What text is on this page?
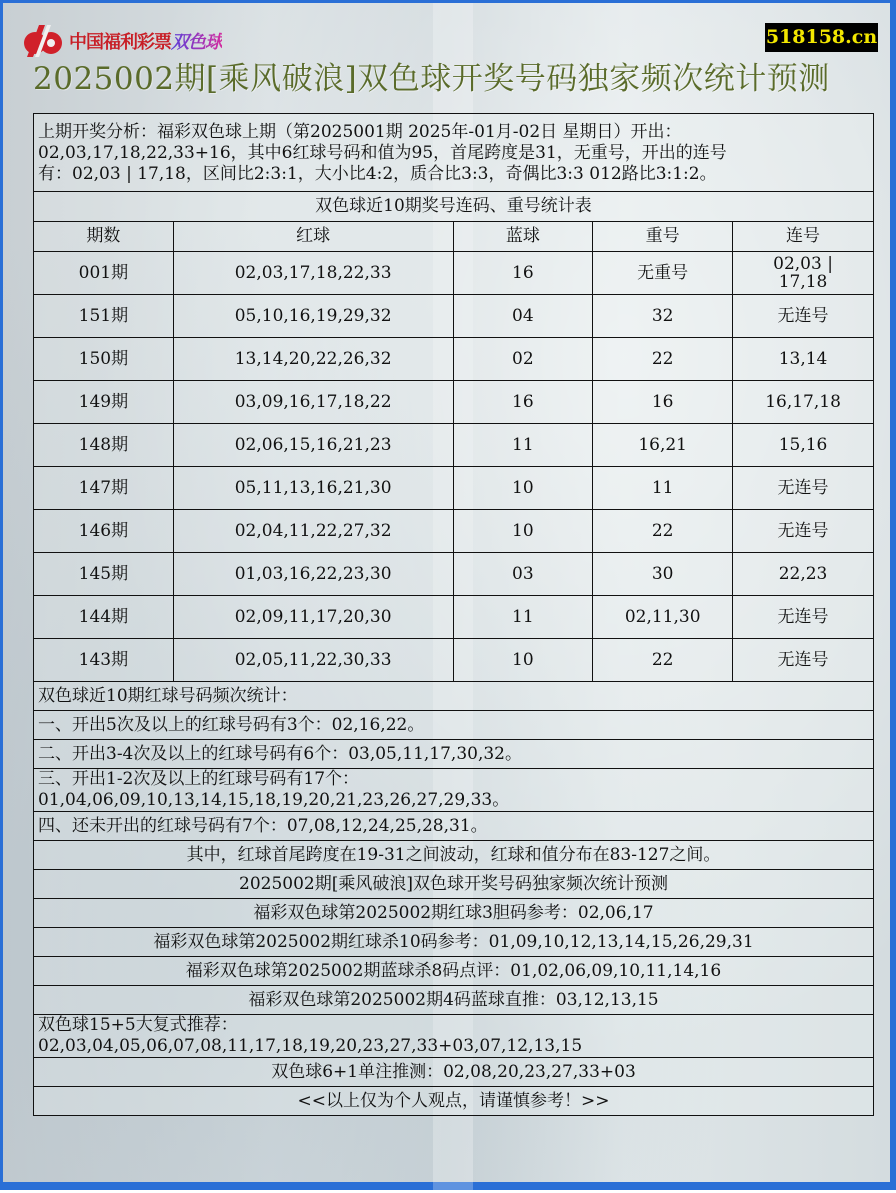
中国福利彩票双色球	518158.cn
2025002期[乘风破浪]双色球开奖号码独家频次统计预测
上期开奖分析：福彩双色球上期（第2025001期 2025年-01月-02日 星期日）开出：
02,03,17,18,22,33+16，其中6红球号码和值为95，首尾跨度是31，无重号，开出的连号
有：02,03 | 17,18，区间比2:3:1，大小比4:2，质合比3:3，奇偶比3:3 012路比3:1:2。				

双色球近10期奖号连码、重号统计表				
期数	红球	蓝球	重号	连号
001期	02,03,17,18,22,33	16	无重号	02,03 |
17,18

151期	05,10,16,19,29,32	04	32	无连号
150期	13,14,20,22,26,32	02	22	13,14
149期	03,09,16,17,18,22	16	16	16,17,18
148期	02,06,15,16,21,23	11	16,21	15,16
147期	05,11,13,16,21,30	10	11	无连号
146期	02,04,11,22,27,32	10	22	无连号
145期	01,03,16,22,23,30	03	30	22,23
144期	02,09,11,17,20,30	11	02,11,30	无连号
143期	02,05,11,22,30,33	10	22	无连号
双色球近10期红球号码频次统计：				
一、开出5次及以上的红球号码有3个：02,16,22。				
二、开出3-4次及以上的红球号码有6个：03,05,11,17,30,32。				

三、开出1-2次及以上的红球号码有17个：
01,04,06,09,10,13,14,15,18,19,20,21,23,26,27,29,33。				

四、还未开出的红球号码有7个：07,08,12,24,25,28,31。				
其中，红球首尾跨度在19-31之间波动，红球和值分布在83-127之间。				
2025002期[乘风破浪]双色球开奖号码独家频次统计预测				
福彩双色球第2025002期红球3胆码参考：02,06,17				
福彩双色球第2025002期红球杀10码参考：01,09,10,12,13,14,15,26,29,31				
福彩双色球第2025002期蓝球杀8码点评：01,02,06,09,10,11,14,16				
福彩双色球第2025002期4码蓝球直推：03,12,13,15				

双色球15+5大复式推荐：
02,03,04,05,06,07,08,11,17,18,19,20,23,27,33+03,07,12,13,15				

双色球6+1单注推测：02,08,20,23,27,33+03				
<<以上仅为个人观点，请谨慎参考！>>				
